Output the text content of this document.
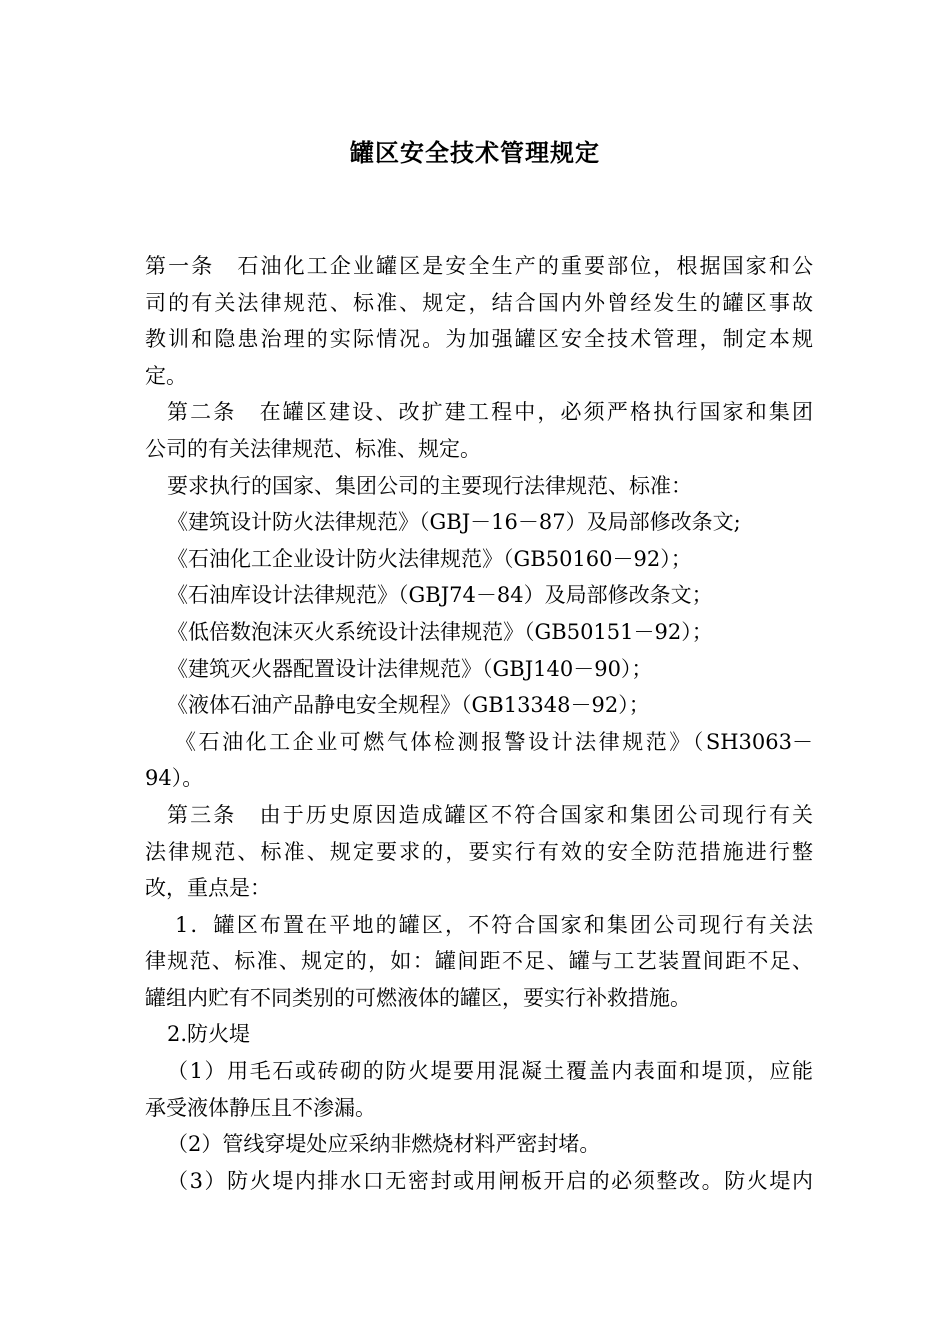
罐区安全技术管理规定
第一条　石油化工企业罐区是安全生产的重要部位，根据国家和公
司的有关法律规范、标准、规定，结合国内外曾经发生的罐区事故
教训和隐患治理的实际情况。为加强罐区安全技术管理，制定本规
定。
第二条　在罐区建设、改扩建工程中，必须严格执行国家和集团
公司的有关法律规范、标准、规定。
要求执行的国家、集团公司的主要现行法律规范、标准：
《建筑设计防火法律规范》（GBJ－16－87）及局部修改条文;
《石油化工企业设计防火法律规范》（GB50160－92）；
《石油库设计法律规范》（GBJ74－84）及局部修改条文；
《低倍数泡沫灭火系统设计法律规范》（GB50151－92）；
《建筑灭火器配置设计法律规范》（GBJ140－90）；
《液体石油产品静电安全规程》（GB13348－92）；
《石油化工企业可燃气体检测报警设计法律规范》（SH3063－
94）。
第三条　由于历史原因造成罐区不符合国家和集团公司现行有关
法律规范、标准、规定要求的，要实行有效的安全防范措施进行整
改，重点是：
1．罐区布置在平地的罐区，不符合国家和集团公司现行有关法
律规范、标准、规定的，如：罐间距不足、罐与工艺装置间距不足、
罐组内贮有不同类别的可燃液体的罐区，要实行补救措施。
2.防火堤
（1）用毛石或砖砌的防火堤要用混凝土覆盖内表面和堤顶，应能
承受液体静压且不渗漏。
（2）管线穿堤处应采纳非燃烧材料严密封堵。
（3）防火堤内排水口无密封或用闸板开启的必须整改。防火堤内
